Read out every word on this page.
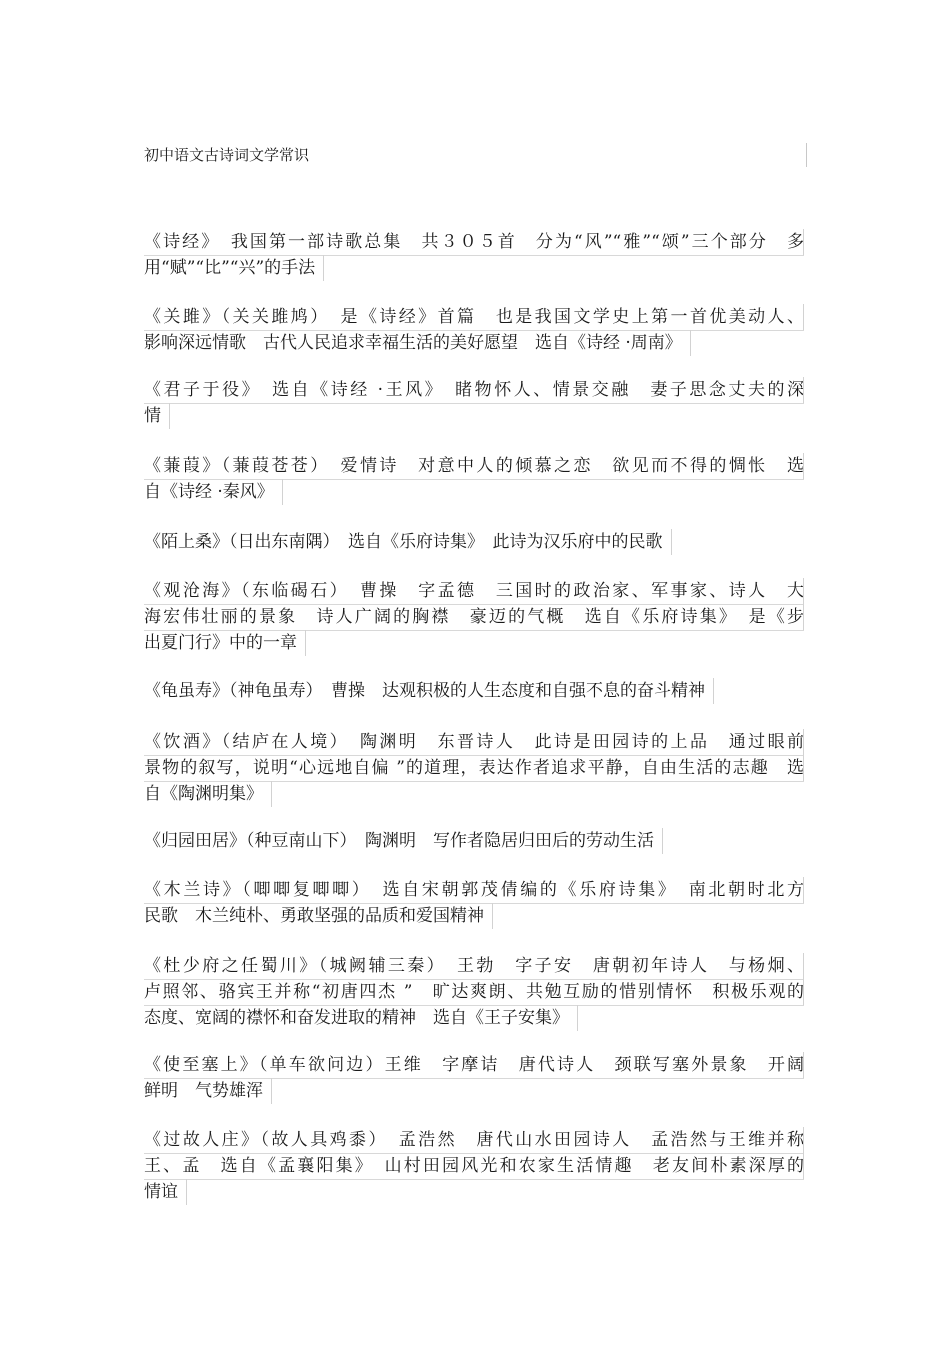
初中语文古诗词文学常识
《诗经》　我国第一部诗歌总集　共３０５首　分为“风”“雅”“颂”三个部分　多
用“赋”“比”“兴”的手法
《关雎》（关关雎鸠）　是《诗经》首篇　也是我国文学史上第一首优美动人、
影响深远情歌　古代人民追求幸福生活的美好愿望　选自《诗经 ·周南》
《君子于役》　选自《诗经 ·王风》　睹物怀人、情景交融　妻子思念丈夫的深
情
《蒹葭》（蒹葭苍苍）　爱情诗　对意中人的倾慕之恋　欲见而不得的惆怅　选
自《诗经 ·秦风》
《陌上桑》（日出东南隅）　选自《乐府诗集》　此诗为汉乐府中的民歌
《观沧海》（东临碣石）　曹操　字孟德　三国时的政治家、军事家、诗人　大
海宏伟壮丽的景象　诗人广阔的胸襟　豪迈的气概　选自《乐府诗集》　是《步
出夏门行》中的一章
《龟虽寿》（神龟虽寿）　曹操　达观积极的人生态度和自强不息的奋斗精神
《饮酒》（结庐在人境）　陶渊明　东晋诗人　此诗是田园诗的上品　通过眼前
景物的叙写，说明“心远地自偏 ”的道理，表达作者追求平静，自由生活的志趣　选
自《陶渊明集》
《归园田居》（种豆南山下）　陶渊明　写作者隐居归田后的劳动生活
《木兰诗》（唧唧复唧唧）　选自宋朝郭茂倩编的《乐府诗集》　南北朝时北方
民歌　木兰纯朴、勇敢坚强的品质和爱国精神
《杜少府之任蜀川》（城阙辅三秦）　王勃　字子安　唐朝初年诗人　与杨炯、
卢照邻、骆宾王并称“初唐四杰 ”　旷达爽朗、共勉互励的惜别情怀　积极乐观的
态度、宽阔的襟怀和奋发进取的精神　选自《王子安集》
《使至塞上》（单车欲问边）王维　字摩诘　唐代诗人　颈联写塞外景象　开阔
鲜明　气势雄浑
《过故人庄》（故人具鸡黍）　孟浩然　唐代山水田园诗人　孟浩然与王维并称
王、孟　选自《孟襄阳集》　山村田园风光和农家生活情趣　老友间朴素深厚的
情谊
